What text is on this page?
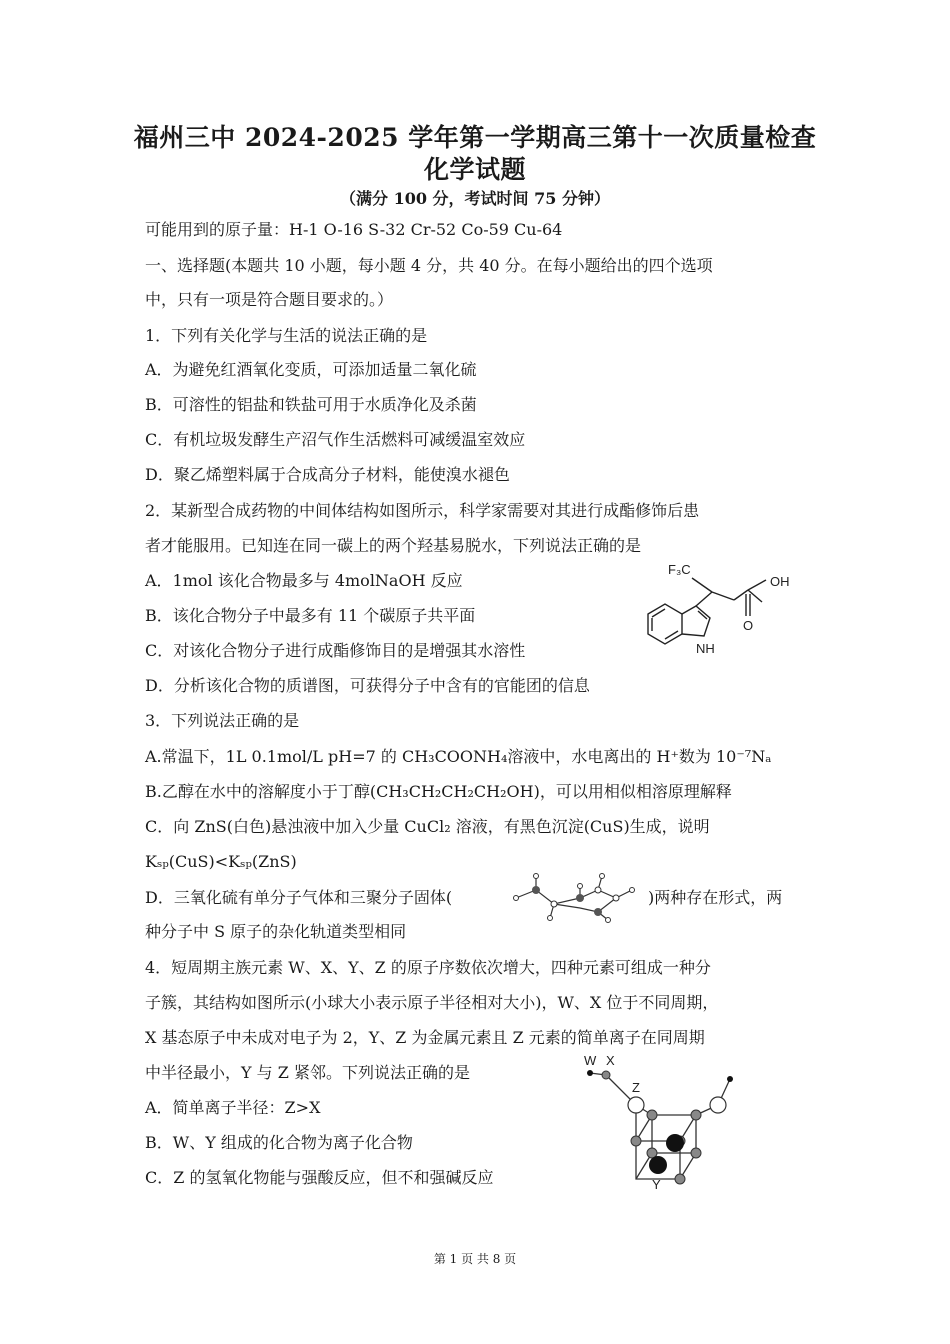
福州三中 2024-2025 学年第一学期高三第十一次质量检查
化学试题
（满分 100 分，考试时间 75 分钟）
可能用到的原子量：H-1 O-16 S-32 Cr-52 Co-59 Cu-64
一、选择题(本题共 10 小题，每小题 4 分，共 40 分。在每小题给出的四个选项
中，只有一项是符合题目要求的。）
1．下列有关化学与生活的说法正确的是
A．为避免红酒氧化变质，可添加适量二氧化硫
B．可溶性的铝盐和铁盐可用于水质净化及杀菌
C．有机垃圾发酵生产沼气作生活燃料可减缓温室效应
D．聚乙烯塑料属于合成高分子材料，能使溴水褪色
2．某新型合成药物的中间体结构如图所示，科学家需要对其进行成酯修饰后患
者才能服用。已知连在同一碳上的两个羟基易脱水，下列说法正确的是
A．1mol 该化合物最多与 4molNaOH 反应
B．该化合物分子中最多有 11 个碳原子共平面
C．对该化合物分子进行成酯修饰目的是增强其水溶性
D．分析该化合物的质谱图，可获得分子中含有的官能团的信息
F₃C
OH
O
NH
3．下列说法正确的是
A.常温下，1L 0.1mol/L pH=7 的 CH₃COONH₄溶液中，水电离出的 H⁺数为 10⁻⁷Nₐ
B.乙醇在水中的溶解度小于丁醇(CH₃CH₂CH₂CH₂OH)，可以用相似相溶原理解释
C．向 ZnS(白色)悬浊液中加入少量 CuCl₂ 溶液，有黑色沉淀(CuS)生成，说明
Kₛₚ(CuS)<Kₛₚ(ZnS)
D．三氧化硫有单分子气体和三聚分子固体(	)两种存在形式，两
种分子中 S 原子的杂化轨道类型相同
4．短周期主族元素 W、X、Y、Z 的原子序数依次增大，四种元素可组成一种分
子簇，其结构如图所示(小球大小表示原子半径相对大小)，W、X 位于不同周期，
X 基态原子中未成对电子为 2，Y、Z 为金属元素且 Z 元素的简单离子在同周期
中半径最小，Y 与 Z 紧邻。下列说法正确的是
A．简单离子半径：Z>X
B．W、Y 组成的化合物为离子化合物
C．Z 的氢氧化物能与强酸反应，但不和强碱反应
W X
Z
Y
第 1 页 共 8 页
